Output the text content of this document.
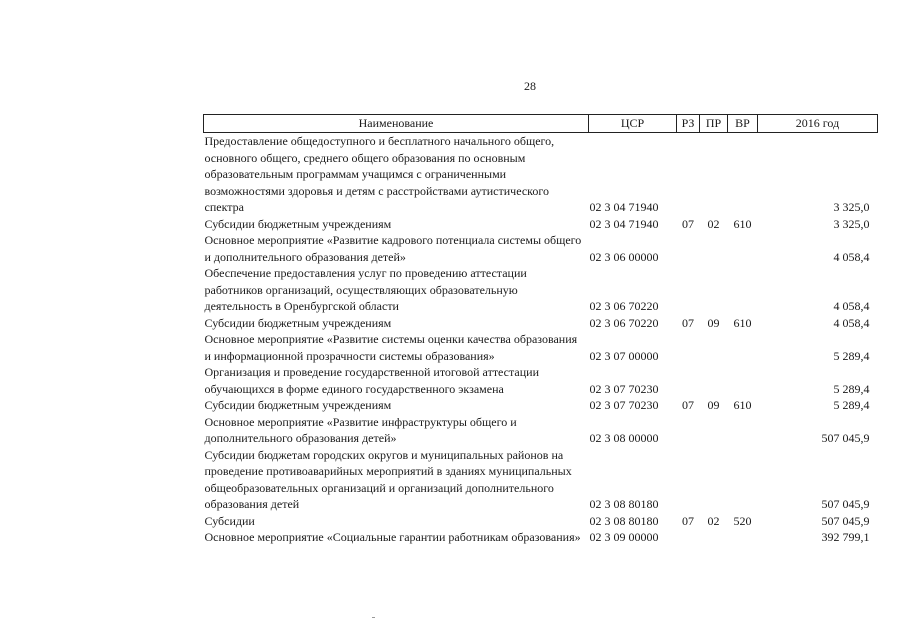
28
Наименование	ЦСР	РЗ	ПР	ВР	2016 год
Предоставление общедоступного и бесплатного начального общего, основного общего, среднего общего образования по основным образовательным программам учащимся с ограниченными возможностями здоровья и детям с расстройствами аутистического спектра	02 3 04 71940				3 325,0
Субсидии бюджетным учреждениям	02 3 04 71940	07	02	610	3 325,0
Основное мероприятие «Развитие кадрового потенциала системы общего и дополнительного образования детей»	02 3 06 00000				4 058,4
Обеспечение предоставления услуг по проведению аттестации работников организаций, осуществляющих образовательную деятельность в Оренбургской области	02 3 06 70220				4 058,4
Субсидии бюджетным учреждениям	02 3 06 70220	07	09	610	4 058,4
Основное мероприятие «Развитие системы оценки качества образования и информационной прозрачности системы образования»	02 3 07 00000				5 289,4
Организация и проведение государственной итоговой аттестации обучающихся в форме единого государственного экзамена	02 3 07 70230				5 289,4
Субсидии бюджетным учреждениям	02 3 07 70230	07	09	610	5 289,4
Основное мероприятие «Развитие инфраструктуры общего и дополнительного образования детей»	02 3 08 00000				507 045,9
Субсидии бюджетам городских округов и муниципальных районов на проведение противоаварийных мероприятий в зданиях муниципальных общеобразовательных организаций и организаций дополнительного образования детей	02 3 08 80180				507 045,9
Субсидии	02 3 08 80180	07	02	520	507 045,9
Основное мероприятие «Социальные гарантии работникам образования»	02 3 09 00000				392 799,1
